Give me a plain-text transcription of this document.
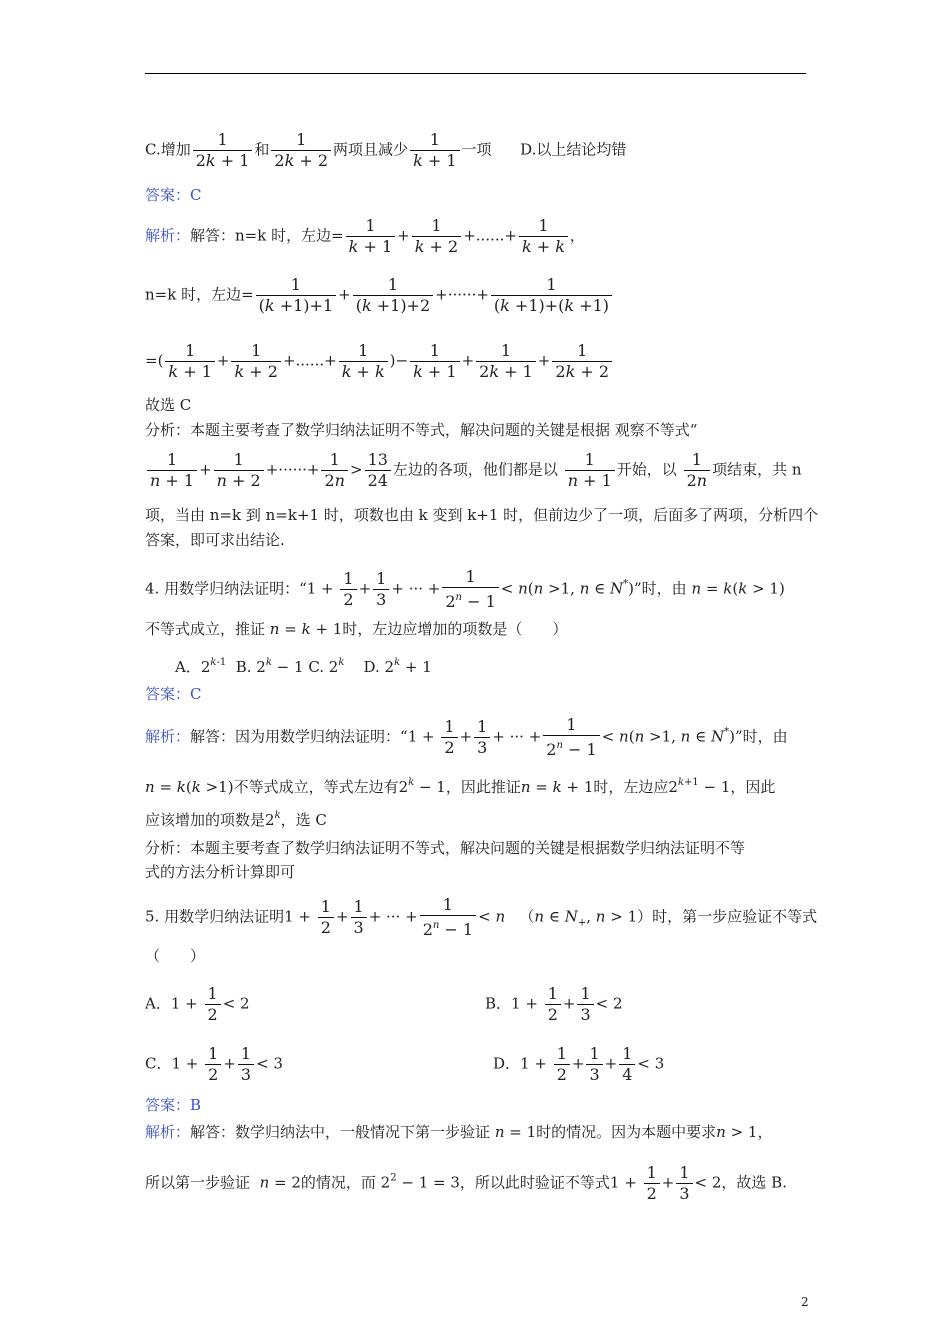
C.增加 $\frac{1}{2k + 1}$ 和 $\frac{1}{2k + 2}$ 两项且减少 $\frac{1}{k + 1}$ 一项 D.以上结论均错
答案：C
解析：解答：n=k 时，左边= $\frac{1}{k + 1} + \frac{1}{k + 2}$ +......+ $\frac{1}{k + k}$ ，
n=k 时，左边= $\frac{1}{(k +1)+1} + \frac{1}{(k +1)+2}$ +······+ $\frac{1}{(k +1)+(k +1)}$
=( $\frac{1}{k + 1} + \frac{1}{k + 2}$ +......+ $\frac{1}{k + k}$ )− $\frac{1}{k + 1} + \frac{1}{2k + 1} + \frac{1}{2k + 2}$
故选 C
分析：本题主要考查了数学归纳法证明不等式，解决问题的关键是根据 观察不等式“
$\frac{1}{n + 1} + \frac{1}{n + 2}$ +······+ $\frac{1}{2n} > \frac{13}{24}$ 左边的各项，他们都是以 $\frac{1}{n + 1}$ 开始，以 $\frac{1}{2n}$ 项结束，共 n
项，当由 n=k 到 n=k+1 时，项数也由 k 变到 k+1 时，但前边少了一项，后面多了两项，分析四个
答案，即可求出结论.
4. 用数学归纳法证明：“$1 + \frac{1}{2} + \frac{1}{3}$ + ··· + $\frac{1}{2^n - 1} < n(n >1$, n ∈ N*)”时，由 n = k(k > 1)
不等式成立，推证 n = k + 1时，左边应增加的项数是（　　）
A．2$^{k-1}$  B. $2^k - 1$ C. 2$^k$    D. $2^k + 1$
答案：C
解析：解答：因为用数学归纳法证明：“$1 + \frac{1}{2} + \frac{1}{3}$ + ··· + $\frac{1}{2^n - 1} < n(n >1$, n ∈ N*)”时，由
n = k(k >1)不等式成立，等式左边有$2^k - 1$，因此推证n = k + 1时，左边应$2^{k+1} - 1$，因此
应该增加的项数是2$^k$，选 C
分析：本题主要考查了数学归纳法证明不等式，解决问题的关键是根据数学归纳法证明不等
式的方法分析计算即可
5. 用数学归纳法证明$1 + \frac{1}{2} + \frac{1}{3}$ + ··· + $\frac{1}{2^n - 1} < n$   （n ∈ $N_+$, n > 1）时，第一步应验证不等式
（　　）
A．$1 + \frac{1}{2} < 2$	B．$1 + \frac{1}{2} + \frac{1}{3} < 2$
C．$1 + \frac{1}{2} + \frac{1}{3} < 3$	D．$1 + \frac{1}{2} + \frac{1}{3} + \frac{1}{4} < 3$
答案：B
解析：解答：数学归纳法中，一般情况下第一步验证 n = 1时的情况。因为本题中要求n > 1，
所以第一步验证 n = 2的情况，而 $2^2 - 1 = 3$，所以此时验证不等式$1 + \frac{1}{2} + \frac{1}{3} < 2$，故选 B.
2
